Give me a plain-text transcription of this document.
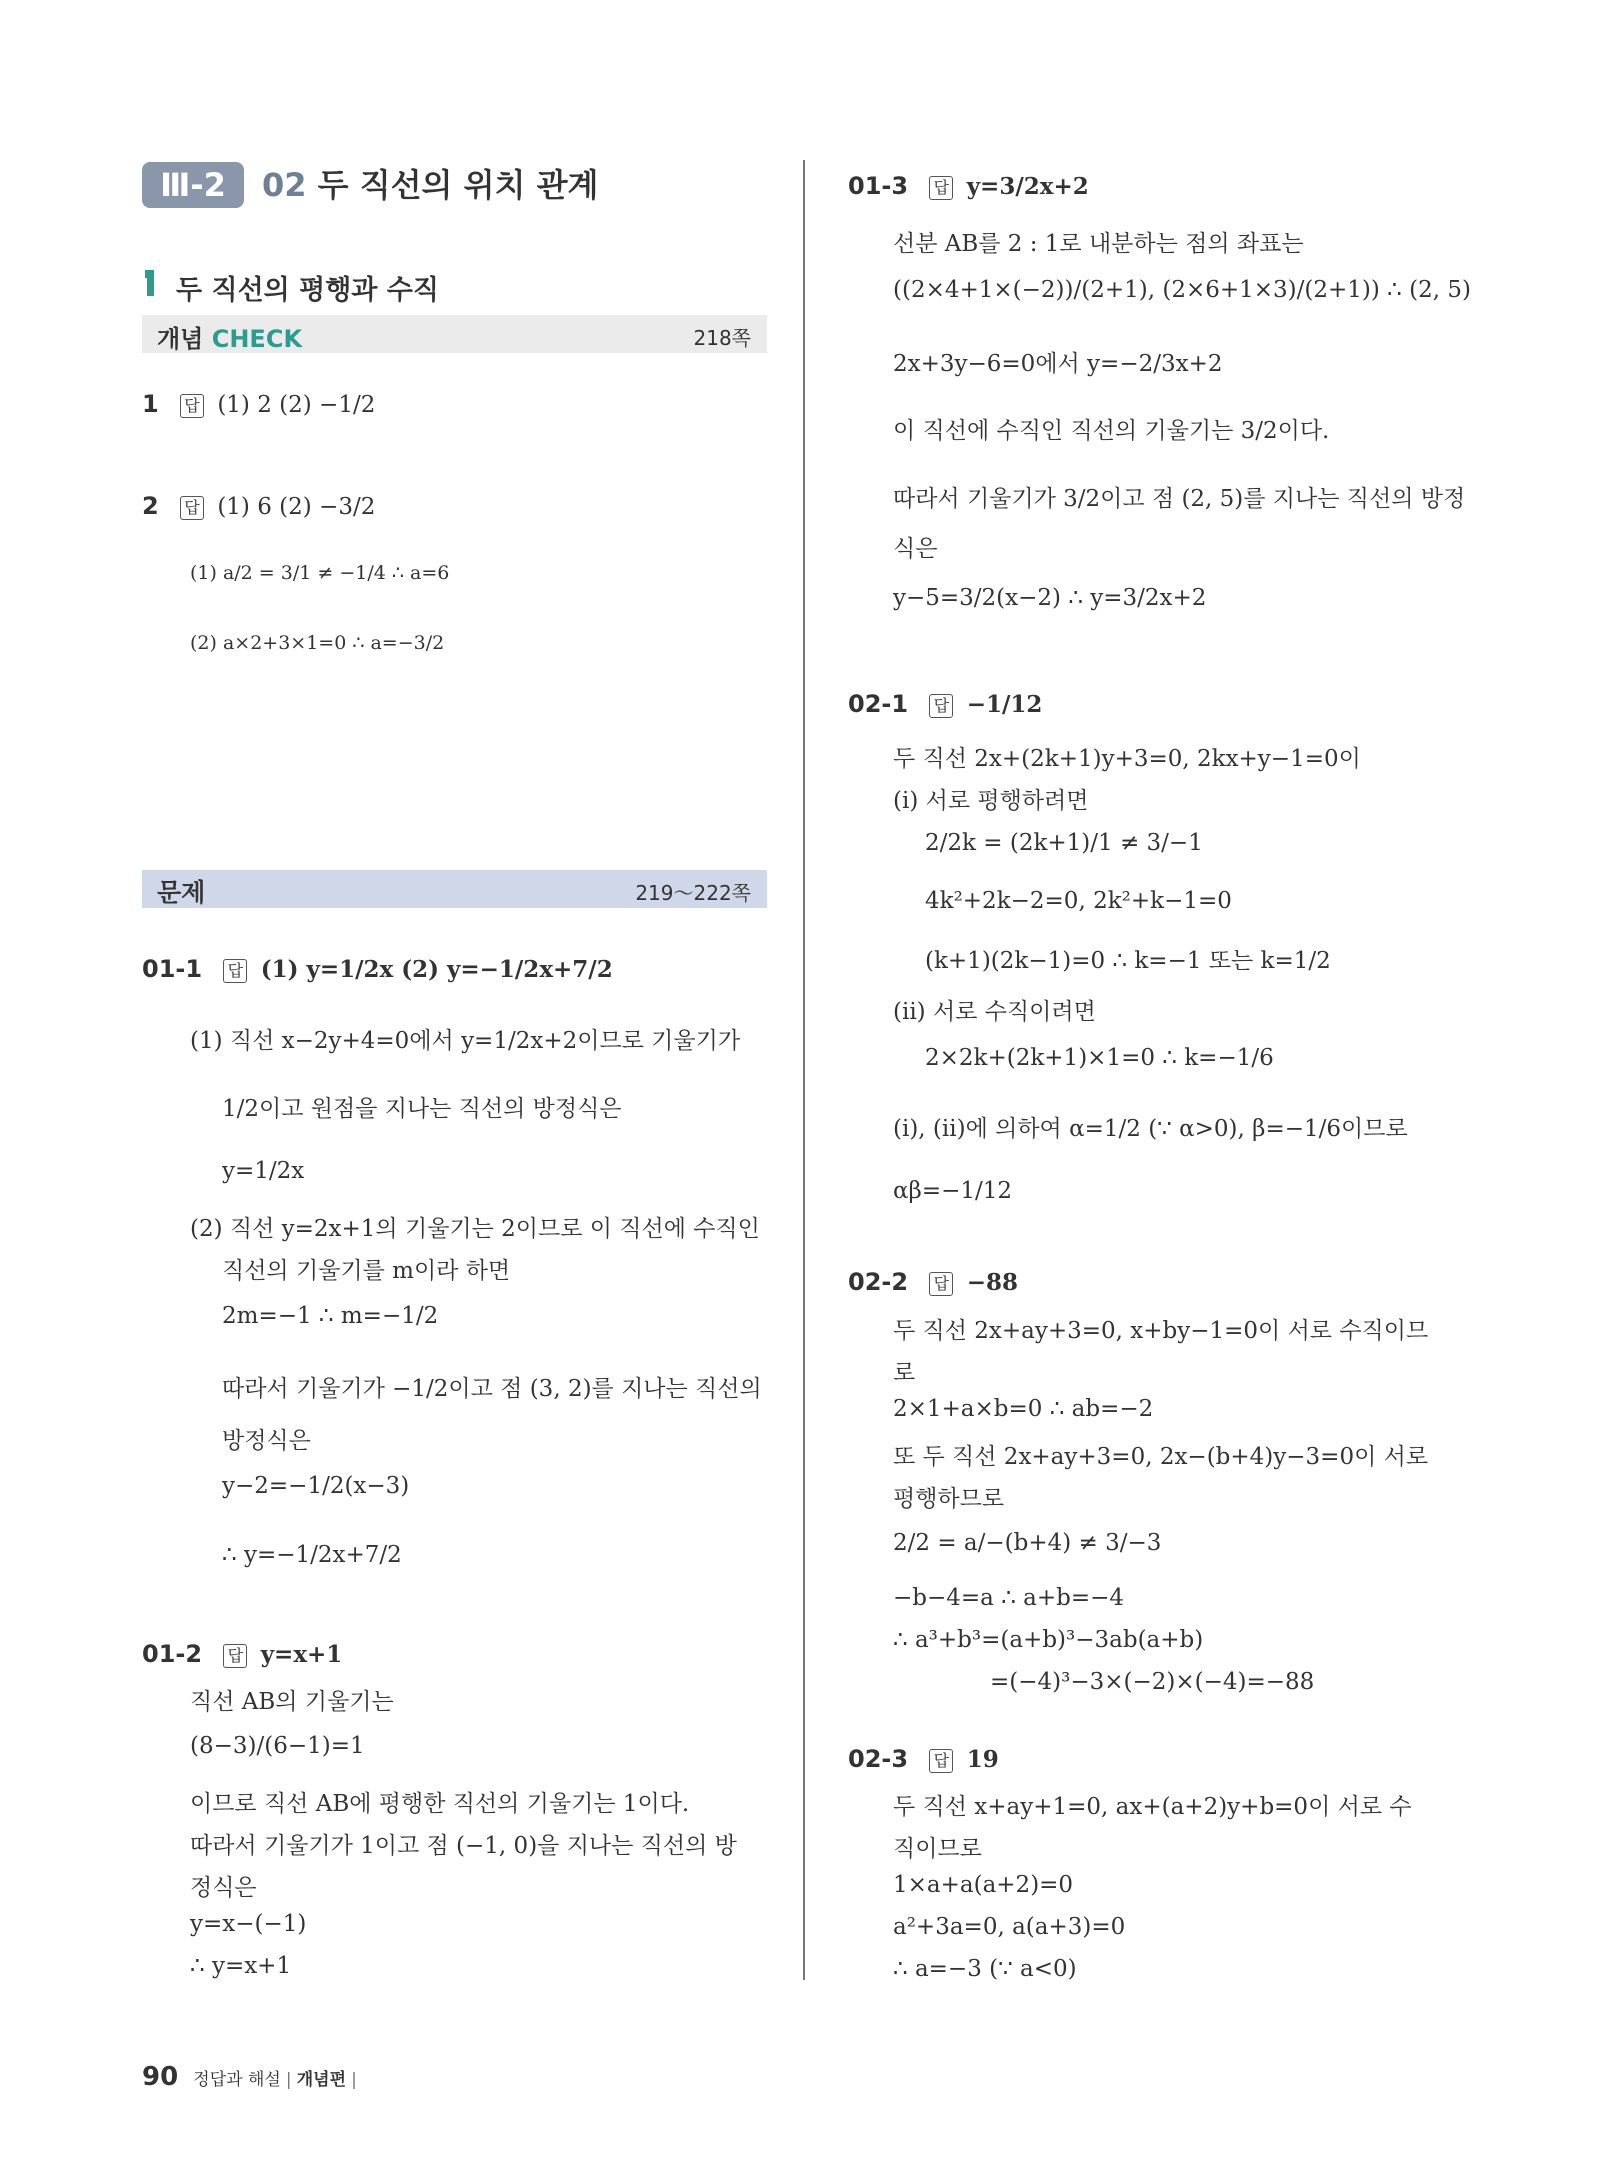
Ⅲ-2	02 두 직선의 위치 관계
두 직선의 평행과 수직
개념 CHECK	218쪽
1 답 (1) 2 (2) −1/2
2 답 (1) 6 (2) −3/2
(1) a/2 = 3/1 ≠ −1/4 ∴ a=6
(2) a×2+3×1=0 ∴ a=−3/2
문제	219〜222쪽
01-1 답 (1) y=1/2x (2) y=−1/2x+7/2
(1) 직선 x−2y+4=0에서 y=1/2x+2이므로 기울기가
1/2이고 원점을 지나는 직선의 방정식은
y=1/2x
(2) 직선 y=2x+1의 기울기는 2이므로 이 직선에 수직인
직선의 기울기를 m이라 하면
2m=−1 ∴ m=−1/2
따라서 기울기가 −1/2이고 점 (3, 2)를 지나는 직선의
방정식은
y−2=−1/2(x−3)
∴ y=−1/2x+7/2
01-2 답 y=x+1
직선 AB의 기울기는
(8−3)/(6−1)=1
이므로 직선 AB에 평행한 직선의 기울기는 1이다.
따라서 기울기가 1이고 점 (−1, 0)을 지나는 직선의 방
정식은
y=x−(−1)
∴ y=x+1
01-3 답 y=3/2x+2
선분 AB를 2 : 1로 내분하는 점의 좌표는
((2×4+1×(−2))/(2+1), (2×6+1×3)/(2+1)) ∴ (2, 5)
2x+3y−6=0에서 y=−2/3x+2
이 직선에 수직인 직선의 기울기는 3/2이다.
따라서 기울기가 3/2이고 점 (2, 5)를 지나는 직선의 방정
식은
y−5=3/2(x−2) ∴ y=3/2x+2
02-1 답 −1/12
두 직선 2x+(2k+1)y+3=0, 2kx+y−1=0이
(i) 서로 평행하려면
2/2k = (2k+1)/1 ≠ 3/−1
4k²+2k−2=0, 2k²+k−1=0
(k+1)(2k−1)=0 ∴ k=−1 또는 k=1/2
(ii) 서로 수직이려면
2×2k+(2k+1)×1=0 ∴ k=−1/6
(i), (ii)에 의하여 α=1/2 (∵ α>0), β=−1/6이므로
αβ=−1/12
02-2 답 −88
두 직선 2x+ay+3=0, x+by−1=0이 서로 수직이므
로
2×1+a×b=0 ∴ ab=−2
또 두 직선 2x+ay+3=0, 2x−(b+4)y−3=0이 서로
평행하므로
2/2 = a/−(b+4) ≠ 3/−3
−b−4=a ∴ a+b=−4
∴ a³+b³=(a+b)³−3ab(a+b)
=(−4)³−3×(−2)×(−4)=−88
02-3 답 19
두 직선 x+ay+1=0, ax+(a+2)y+b=0이 서로 수
직이므로
1×a+a(a+2)=0
a²+3a=0, a(a+3)=0
∴ a=−3 (∵ a<0)
90 정답과 해설 | 개념편 |
